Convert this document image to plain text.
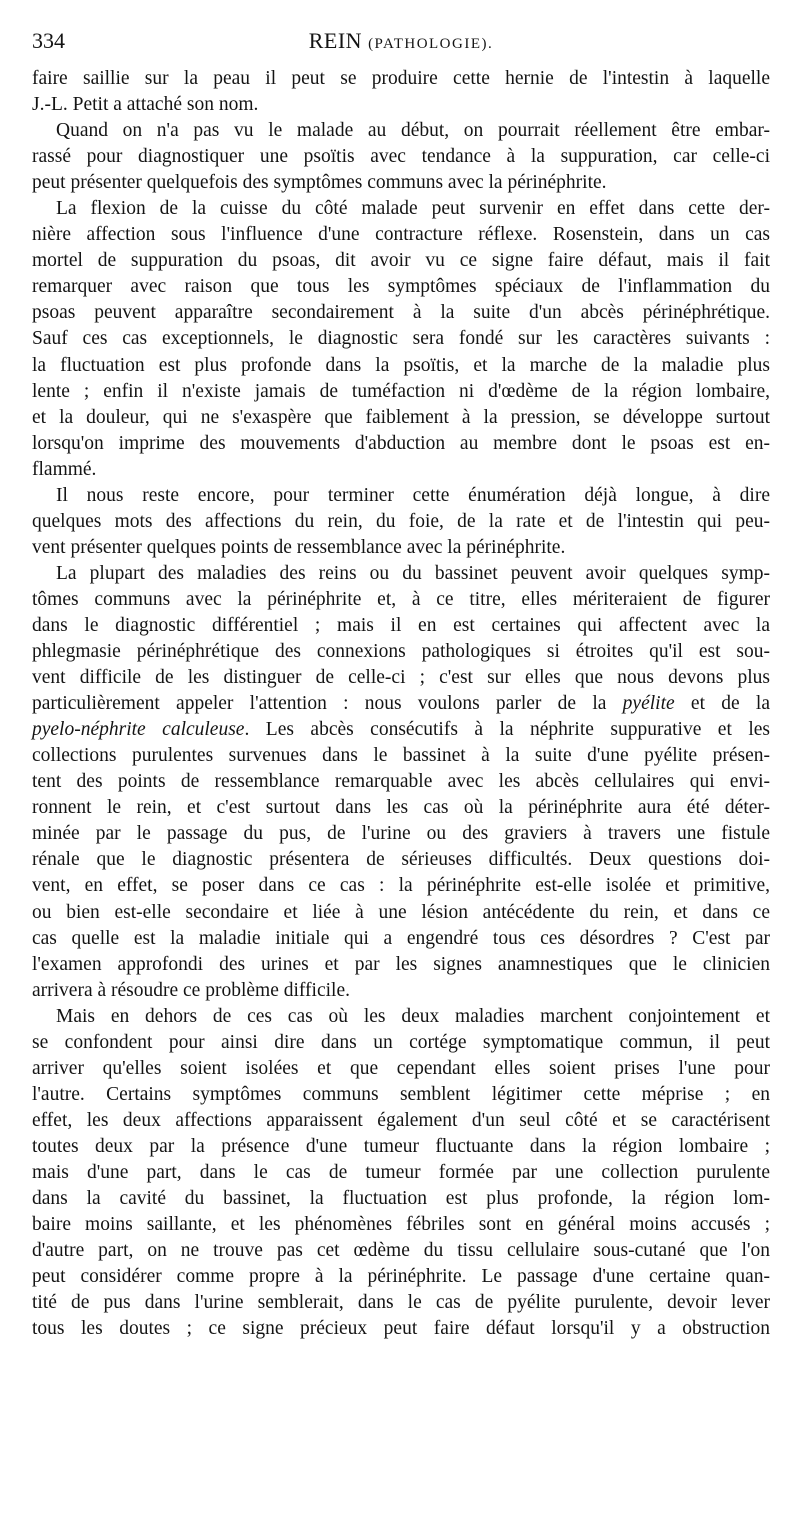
334	REIN (PATHOLOGIE).
faire saillie sur la peau il peut se produire cette hernie de l'intestin à laquelle
J.-L. Petit a attaché son nom.
Quand on n'a pas vu le malade au début, on pourrait réellement être embar-
rassé pour diagnostiquer une psoïtis avec tendance à la suppuration, car celle-ci
peut présenter quelquefois des symptômes communs avec la périnéphrite.
La flexion de la cuisse du côté malade peut survenir en effet dans cette der-
nière affection sous l'influence d'une contracture réflexe. Rosenstein, dans un cas
mortel de suppuration du psoas, dit avoir vu ce signe faire défaut, mais il fait
remarquer avec raison que tous les symptômes spéciaux de l'inflammation du
psoas peuvent apparaître secondairement à la suite d'un abcès périnéphrétique.
Sauf ces cas exceptionnels, le diagnostic sera fondé sur les caractères suivants :
la fluctuation est plus profonde dans la psoïtis, et la marche de la maladie plus
lente ; enfin il n'existe jamais de tuméfaction ni d'œdème de la région lombaire,
et la douleur, qui ne s'exaspère que faiblement à la pression, se développe surtout
lorsqu'on imprime des mouvements d'abduction au membre dont le psoas est en-
flammé.
Il nous reste encore, pour terminer cette énumération déjà longue, à dire
quelques mots des affections du rein, du foie, de la rate et de l'intestin qui peu-
vent présenter quelques points de ressemblance avec la périnéphrite.
La plupart des maladies des reins ou du bassinet peuvent avoir quelques symp-
tômes communs avec la périnéphrite et, à ce titre, elles mériteraient de figurer
dans le diagnostic différentiel ; mais il en est certaines qui affectent avec la
phlegmasie périnéphrétique des connexions pathologiques si étroites qu'il est sou-
vent difficile de les distinguer de celle-ci ; c'est sur elles que nous devons plus
particulièrement appeler l'attention : nous voulons parler de la pyélite et de la
pyelo-néphrite calculeuse. Les abcès consécutifs à la néphrite suppurative et les
collections purulentes survenues dans le bassinet à la suite d'une pyélite présen-
tent des points de ressemblance remarquable avec les abcès cellulaires qui envi-
ronnent le rein, et c'est surtout dans les cas où la périnéphrite aura été déter-
minée par le passage du pus, de l'urine ou des graviers à travers une fistule
rénale que le diagnostic présentera de sérieuses difficultés. Deux questions doi-
vent, en effet, se poser dans ce cas : la périnéphrite est-elle isolée et primitive,
ou bien est-elle secondaire et liée à une lésion antécédente du rein, et dans ce
cas quelle est la maladie initiale qui a engendré tous ces désordres ? C'est par
l'examen approfondi des urines et par les signes anamnestiques que le clinicien
arrivera à résoudre ce problème difficile.
Mais en dehors de ces cas où les deux maladies marchent conjointement et
se confondent pour ainsi dire dans un cortége symptomatique commun, il peut
arriver qu'elles soient isolées et que cependant elles soient prises l'une pour
l'autre. Certains symptômes communs semblent légitimer cette méprise ; en
effet, les deux affections apparaissent également d'un seul côté et se caractérisent
toutes deux par la présence d'une tumeur fluctuante dans la région lombaire ;
mais d'une part, dans le cas de tumeur formée par une collection purulente
dans la cavité du bassinet, la fluctuation est plus profonde, la région lom-
baire moins saillante, et les phénomènes fébriles sont en général moins accusés ;
d'autre part, on ne trouve pas cet œdème du tissu cellulaire sous-cutané que l'on
peut considérer comme propre à la périnéphrite. Le passage d'une certaine quan-
tité de pus dans l'urine semblerait, dans le cas de pyélite purulente, devoir lever
tous les doutes ; ce signe précieux peut faire défaut lorsqu'il y a obstruction
